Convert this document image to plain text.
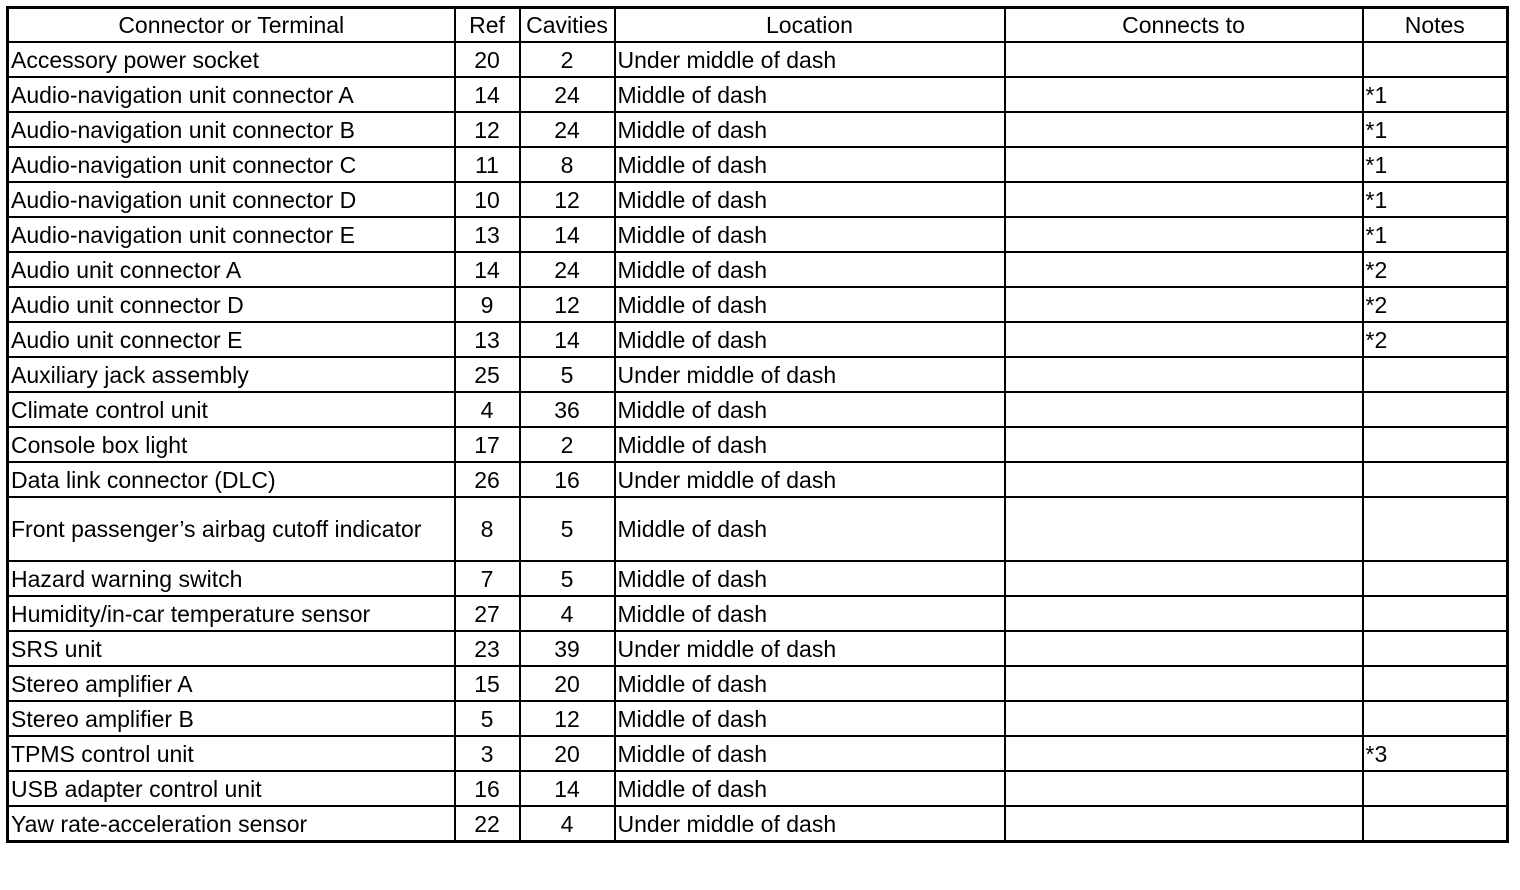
Connector or Terminal	Ref	Cavities	Location	Connects to	Notes
Accessory power socket	20	2	Under middle of dash		
Audio-navigation unit connector A	14	24	Middle of dash		*1
Audio-navigation unit connector B	12	24	Middle of dash		*1
Audio-navigation unit connector C	11	8	Middle of dash		*1
Audio-navigation unit connector D	10	12	Middle of dash		*1
Audio-navigation unit connector E	13	14	Middle of dash		*1
Audio unit connector A	14	24	Middle of dash		*2
Audio unit connector D	9	12	Middle of dash		*2
Audio unit connector E	13	14	Middle of dash		*2
Auxiliary jack assembly	25	5	Under middle of dash		
Climate control unit	4	36	Middle of dash		
Console box light	17	2	Middle of dash		
Data link connector (DLC)	26	16	Under middle of dash		
Front passenger’s airbag cutoff indicator	8	5	Middle of dash		
Hazard warning switch	7	5	Middle of dash		
Humidity/in-car temperature sensor	27	4	Middle of dash		
SRS unit	23	39	Under middle of dash		
Stereo amplifier A	15	20	Middle of dash		
Stereo amplifier B	5	12	Middle of dash		
TPMS control unit	3	20	Middle of dash		*3
USB adapter control unit	16	14	Middle of dash		
Yaw rate-acceleration sensor	22	4	Under middle of dash		
